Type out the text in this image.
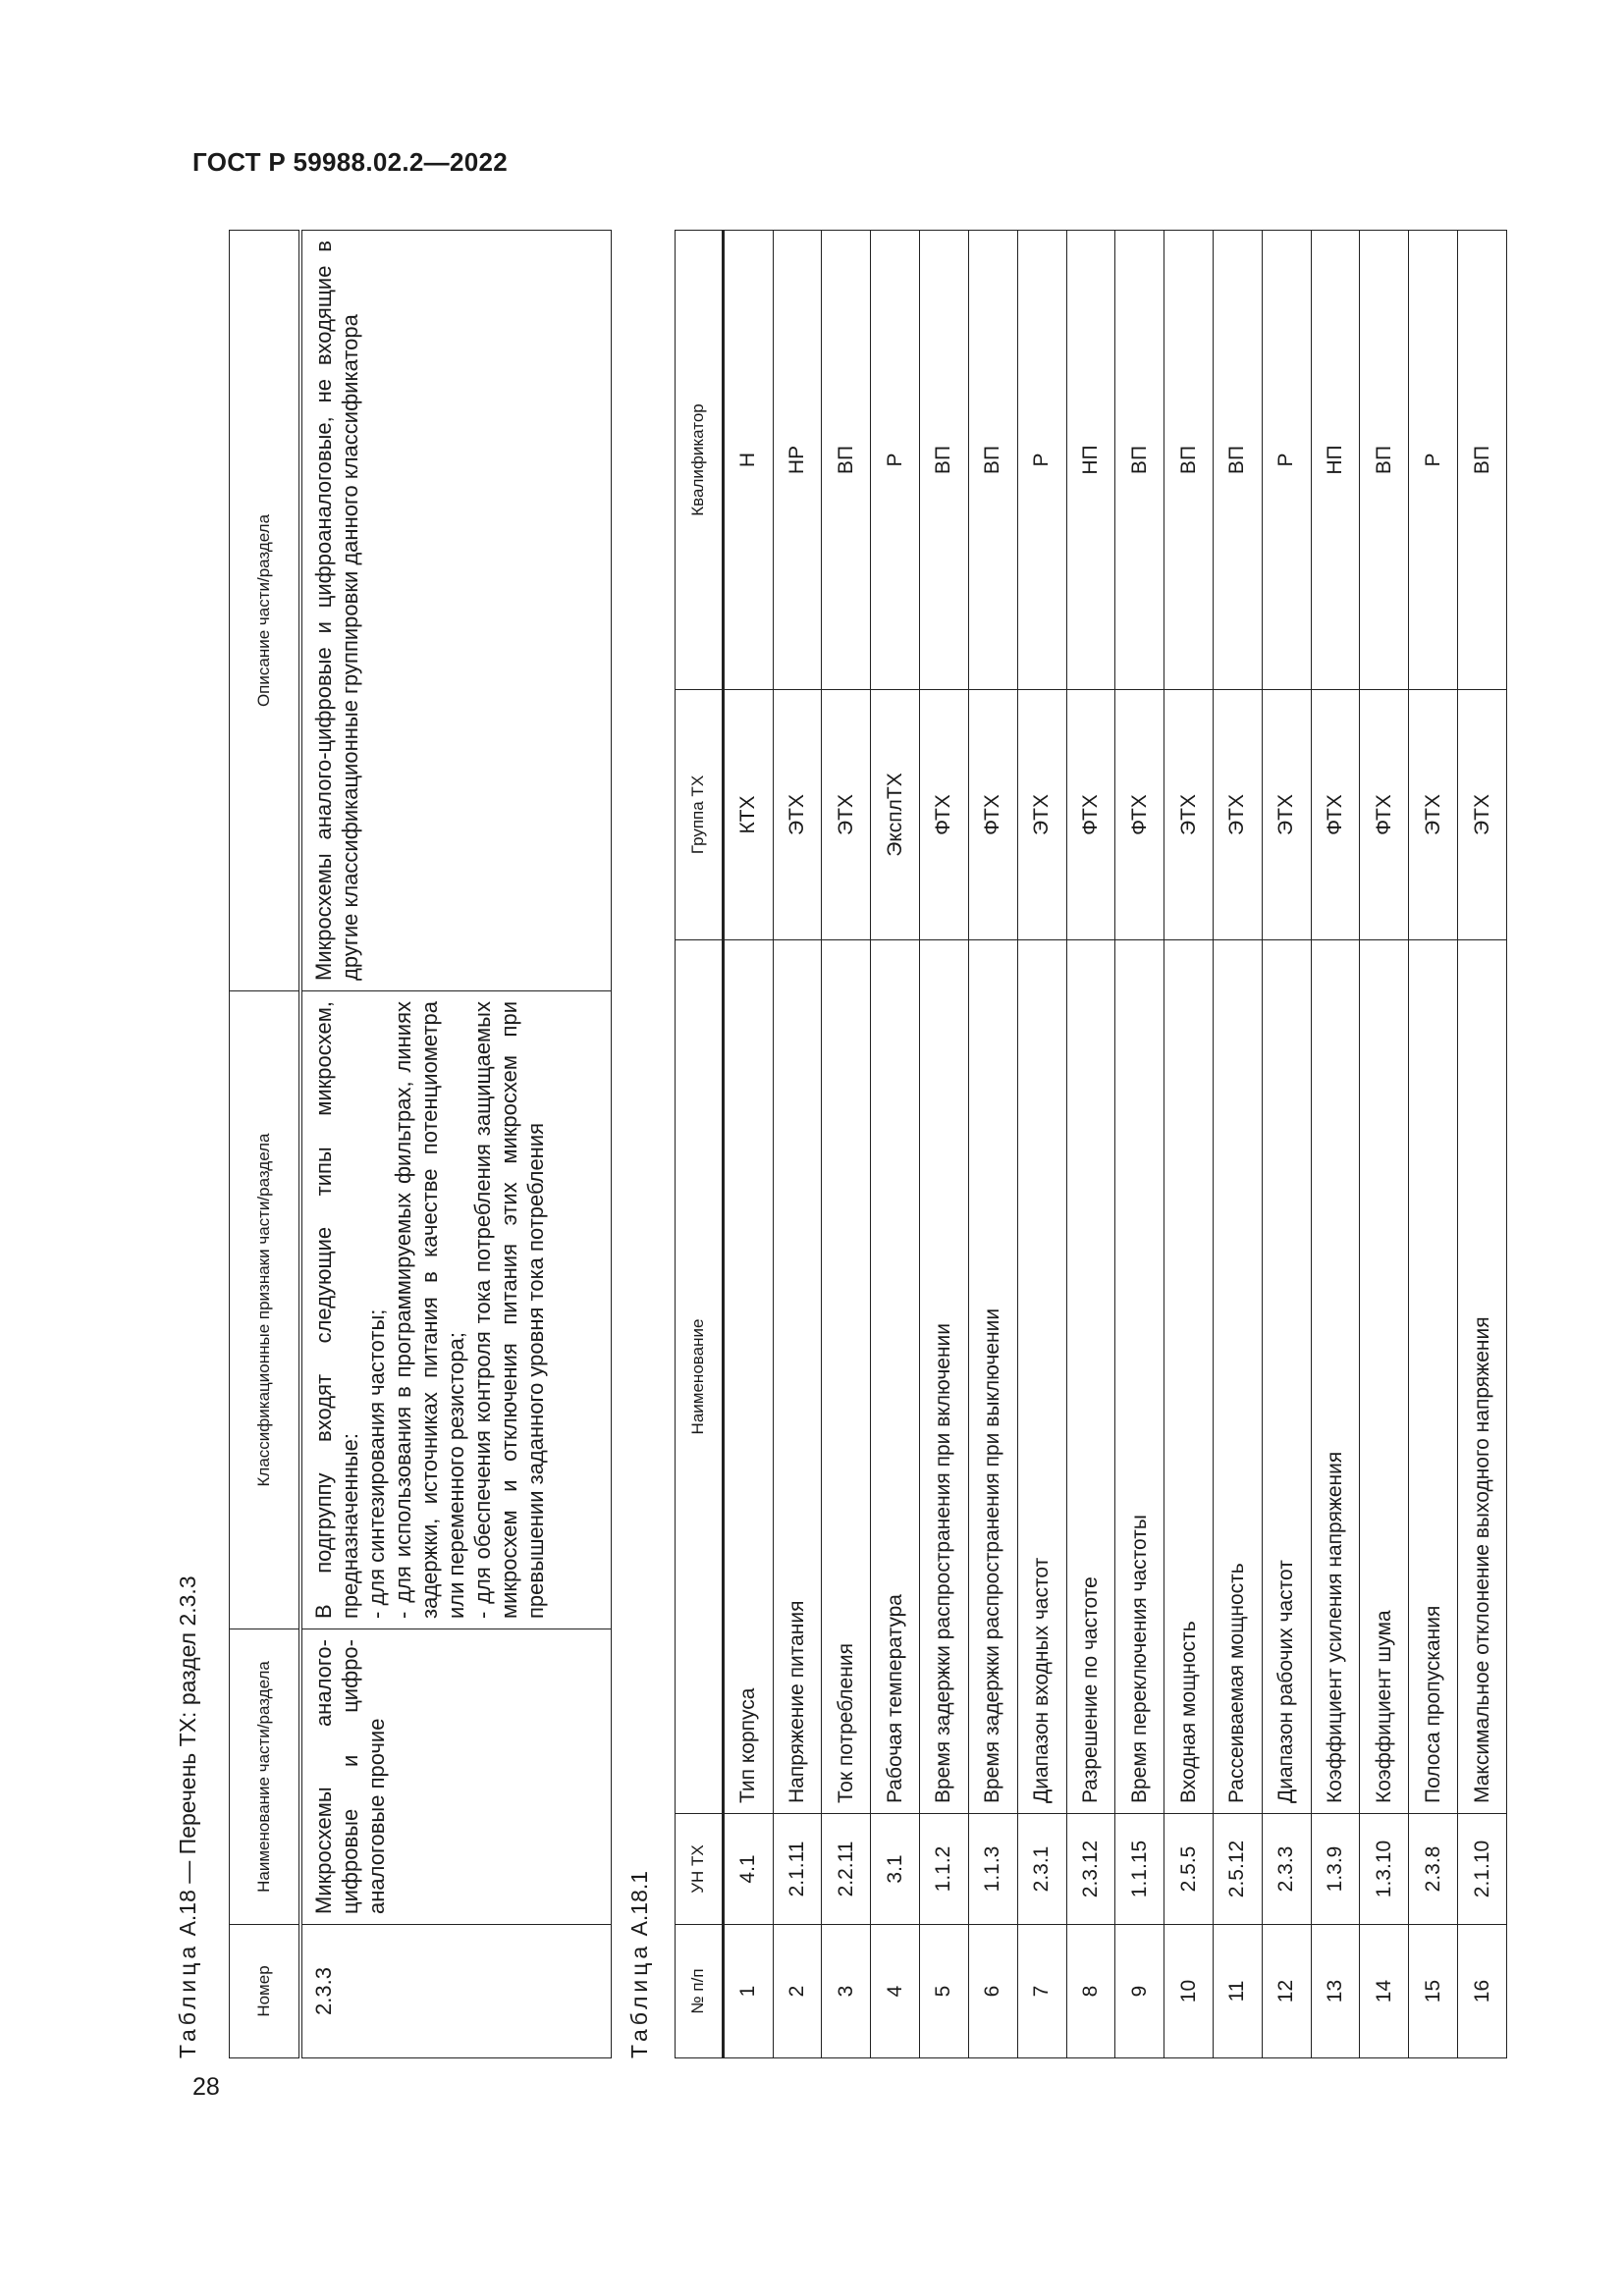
ГОСТ Р 59988.02.2—2022
28
Таблица А.18 — Перечень ТХ: раздел 2.3.3
Номер	Наименование части/раздела	Классификационные признаки части/раздела	Описание части/раздела
2.3.3	Микросхемы аналого-цифровые и цифро-аналоговые прочие	В подгруппу входят следующие типы микросхем, предназначенные: - для синтезирования частоты; - для использования в программируемых фильтрах, линиях задержки, источниках питания в качестве потенциометра или переменного резистора; - для обеспечения контроля тока потребления защищаемых микросхем и отключения питания этих микросхем при превышении заданного уровня тока потребления	Микросхемы аналого-цифровые и цифроаналоговые, не входящие в другие классификационные группировки данного классификатора
Таблица А.18.1
№ п/п	УН ТХ	Наименование	Группа ТХ	Квалификатор
1	4.1	Тип корпуса	КТХ	Н
2	2.1.11	Напряжение питания	ЭТХ	НР
3	2.2.11	Ток потребления	ЭТХ	ВП
4	3.1	Рабочая температура	ЭксплТХ	Р
5	1.1.2	Время задержки распространения при включении	ФТХ	ВП
6	1.1.3	Время задержки распространения при выключении	ФТХ	ВП
7	2.3.1	Диапазон входных частот	ЭТХ	Р
8	2.3.12	Разрешение по частоте	ФТХ	НП
9	1.1.15	Время переключения частоты	ФТХ	ВП
10	2.5.5	Входная мощность	ЭТХ	ВП
11	2.5.12	Рассеиваемая мощность	ЭТХ	ВП
12	2.3.3	Диапазон рабочих частот	ЭТХ	Р
13	1.3.9	Коэффициент усиления напряжения	ФТХ	НП
14	1.3.10	Коэффициент шума	ФТХ	ВП
15	2.3.8	Полоса пропускания	ЭТХ	Р
16	2.1.10	Максимальное отклонение выходного напряжения	ЭТХ	ВП
